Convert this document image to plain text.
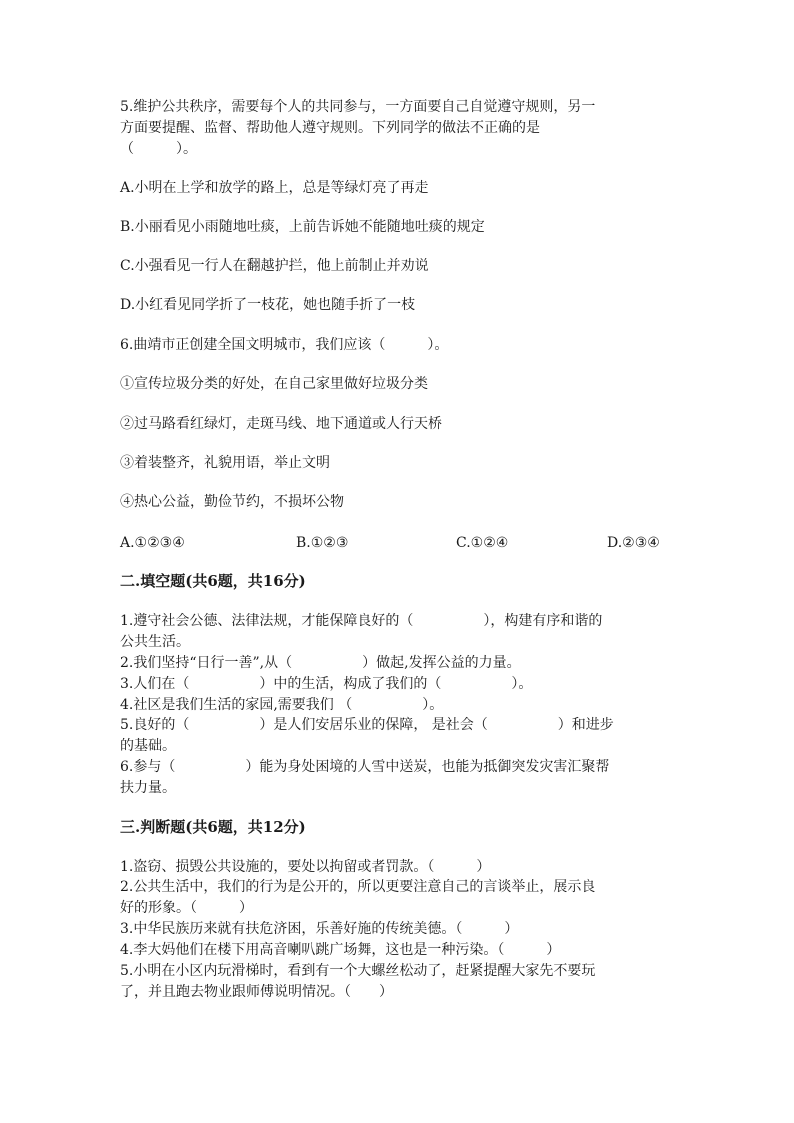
5.维护公共秩序，需要每个人的共同参与，一方面要自己自觉遵守规则，另一
方面要提醒、监督、帮助他人遵守规则。下列同学的做法不正确的是
（　　　）。
A.小明在上学和放学的路上，总是等绿灯亮了再走
B.小丽看见小雨随地吐痰，上前告诉她不能随地吐痰的规定
C.小强看见一行人在翻越护拦，他上前制止并劝说
D.小红看见同学折了一枝花，她也随手折了一枝
6.曲靖市正创建全国文明城市，我们应该（　　　）。
①宣传垃圾分类的好处，在自己家里做好垃圾分类
②过马路看红绿灯，走斑马线、地下通道或人行天桥
③着装整齐，礼貌用语，举止文明
④热心公益，勤俭节约，不损坏公物
A.①②③④	B.①②③	C.①②④	D.②③④
二.填空题(共6题，共16分)
1.遵守社会公德、法律法规，才能保障良好的（　　　　　），构建有序和谐的
公共生活。
2.我们坚持“日行一善”,从（　　　　　）做起,发挥公益的力量。
3.人们在（　　　　　）中的生活，构成了我们的（　　　　　）。
4.社区是我们生活的家园,需要我们 （　　　　　）。
5.良好的（　　　　　）是人们安居乐业的保障， 是社会（　　　　　）和进步
的基础。
6.参与（　　　　　）能为身处困境的人雪中送炭，也能为抵御突发灾害汇聚帮
扶力量。
三.判断题(共6题，共12分)
1.盗窃、损毁公共设施的，要处以拘留或者罚款。（　　　）
2.公共生活中，我们的行为是公开的，所以更要注意自己的言谈举止，展示良
好的形象。（　　　）
3.中华民族历来就有扶危济困，乐善好施的传统美德。（　　　）
4.李大妈他们在楼下用高音喇叭跳广场舞，这也是一种污染。（　　　）
5.小明在小区内玩滑梯时，看到有一个大螺丝松动了，赶紧提醒大家先不要玩
了，并且跑去物业跟师傅说明情况。（　　）
